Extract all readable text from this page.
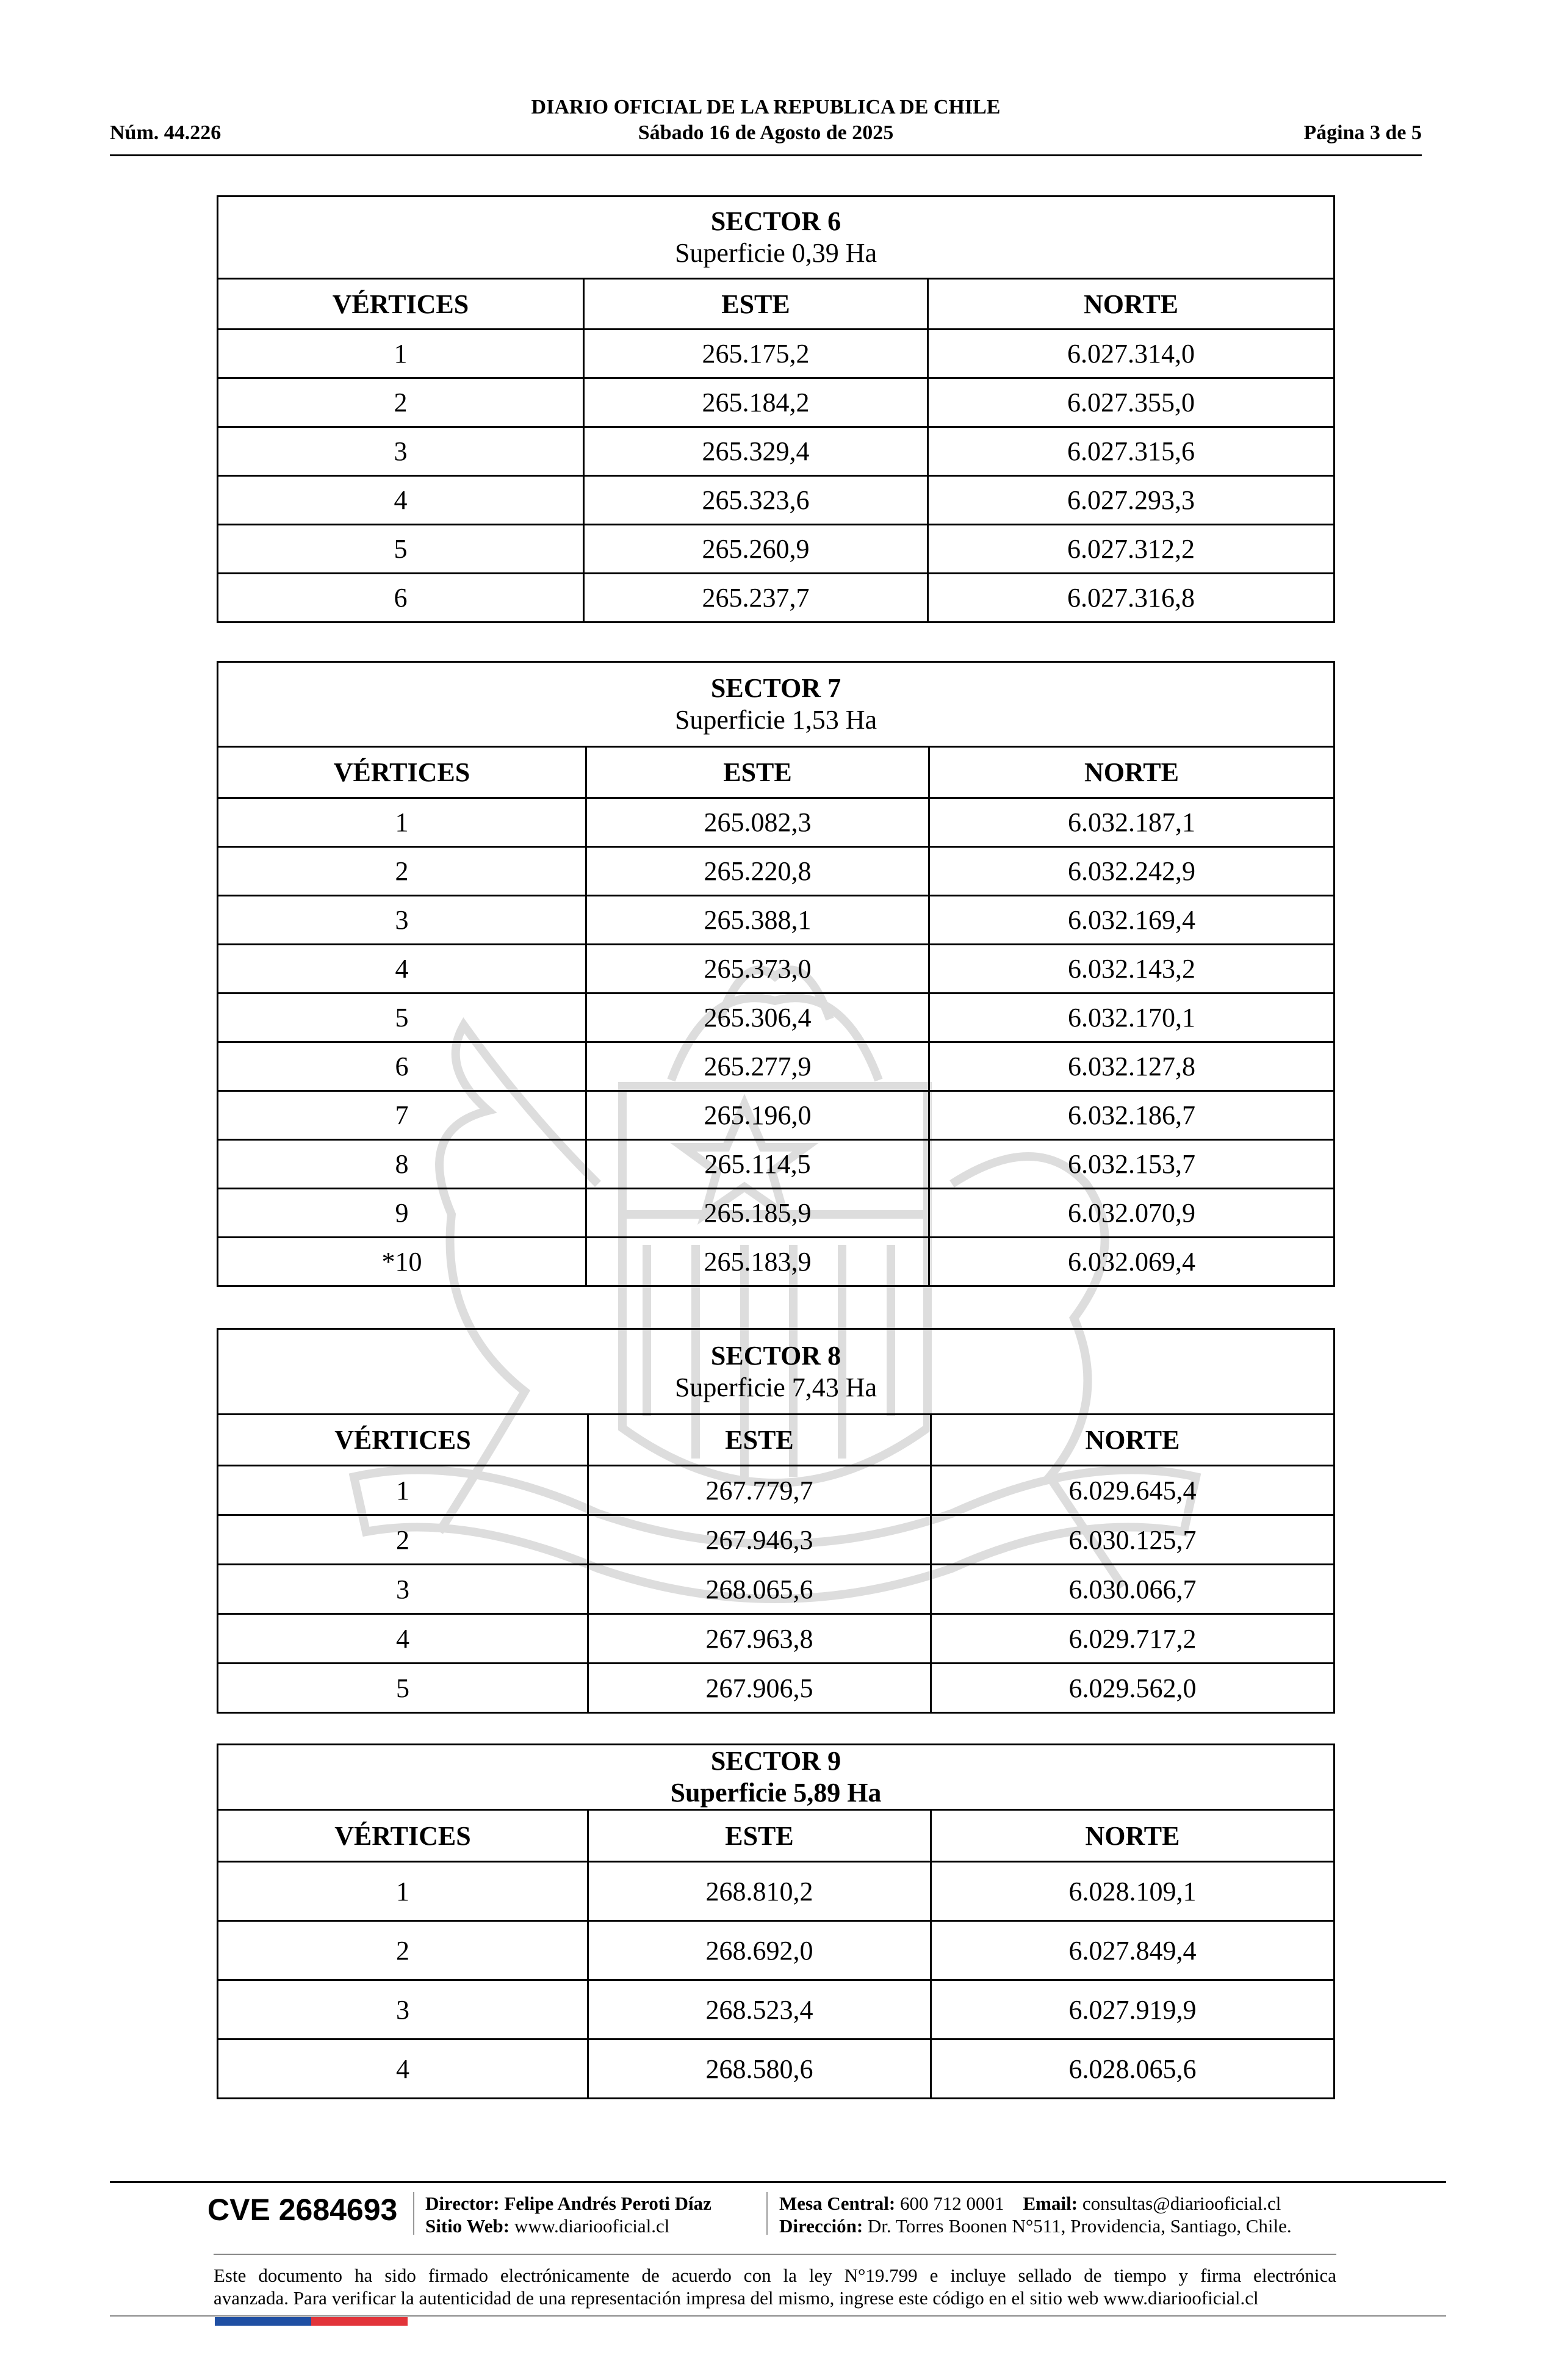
DIARIO OFICIAL DE LA REPUBLICA DE CHILE
Núm. 44.226	Sábado 16 de Agosto de 2025	Página 3 de 5
SECTOR 6
Superficie 0,39 Ha		

VÉRTICES	ESTE	NORTE
1	265.175,2	6.027.314,0
2	265.184,2	6.027.355,0
3	265.329,4	6.027.315,6
4	265.323,6	6.027.293,3
5	265.260,9	6.027.312,2
6	265.237,7	6.027.316,8
SECTOR 7
Superficie 1,53 Ha		

VÉRTICES	ESTE	NORTE
1	265.082,3	6.032.187,1
2	265.220,8	6.032.242,9
3	265.388,1	6.032.169,4
4	265.373,0	6.032.143,2
5	265.306,4	6.032.170,1
6	265.277,9	6.032.127,8
7	265.196,0	6.032.186,7
8	265.114,5	6.032.153,7
9	265.185,9	6.032.070,9
*10	265.183,9	6.032.069,4
SECTOR 8
Superficie 7,43 Ha		

VÉRTICES	ESTE	NORTE
1	267.779,7	6.029.645,4
2	267.946,3	6.030.125,7
3	268.065,6	6.030.066,7
4	267.963,8	6.029.717,2
5	267.906,5	6.029.562,0
SECTOR 9
Superficie 5,89 Ha		

VÉRTICES	ESTE	NORTE
1	268.810,2	6.028.109,1
2	268.692,0	6.027.849,4
3	268.523,4	6.027.919,9
4	268.580,6	6.028.065,6
CVE 2684693 Director: Felipe Andrés Peroti Díaz
Sitio Web: www.diariooficial.cl
Mesa Central: 600 712 0001 Email: consultas@diariooficial.cl
Dirección: Dr. Torres Boonen N°511, Providencia, Santiago, Chile.
Este documento ha sido firmado electrónicamente de acuerdo con la ley N°19.799 e incluye sellado de tiempo y firma electrónica
avanzada. Para verificar la autenticidad de una representación impresa del mismo, ingrese este código en el sitio web www.diariooficial.cl
